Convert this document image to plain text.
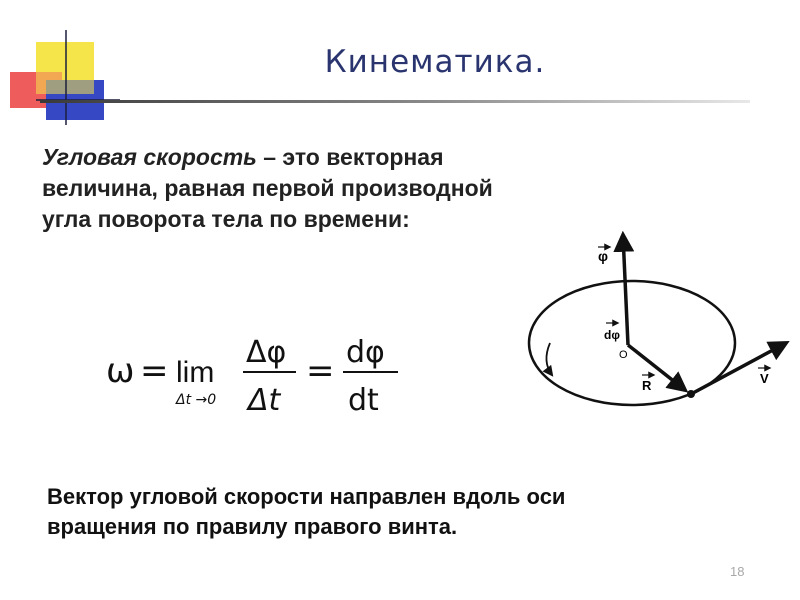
Кинематика.
Угловая скорость – это векторная величина, равная первой производной угла поворота тела по времени:
ω = lim
Δt →0
Δφ
Δt
= dφ
dt
φ
dφ
O
R	V
Вектор угловой скорости направлен вдоль оси вращения по правилу правого винта.
18
